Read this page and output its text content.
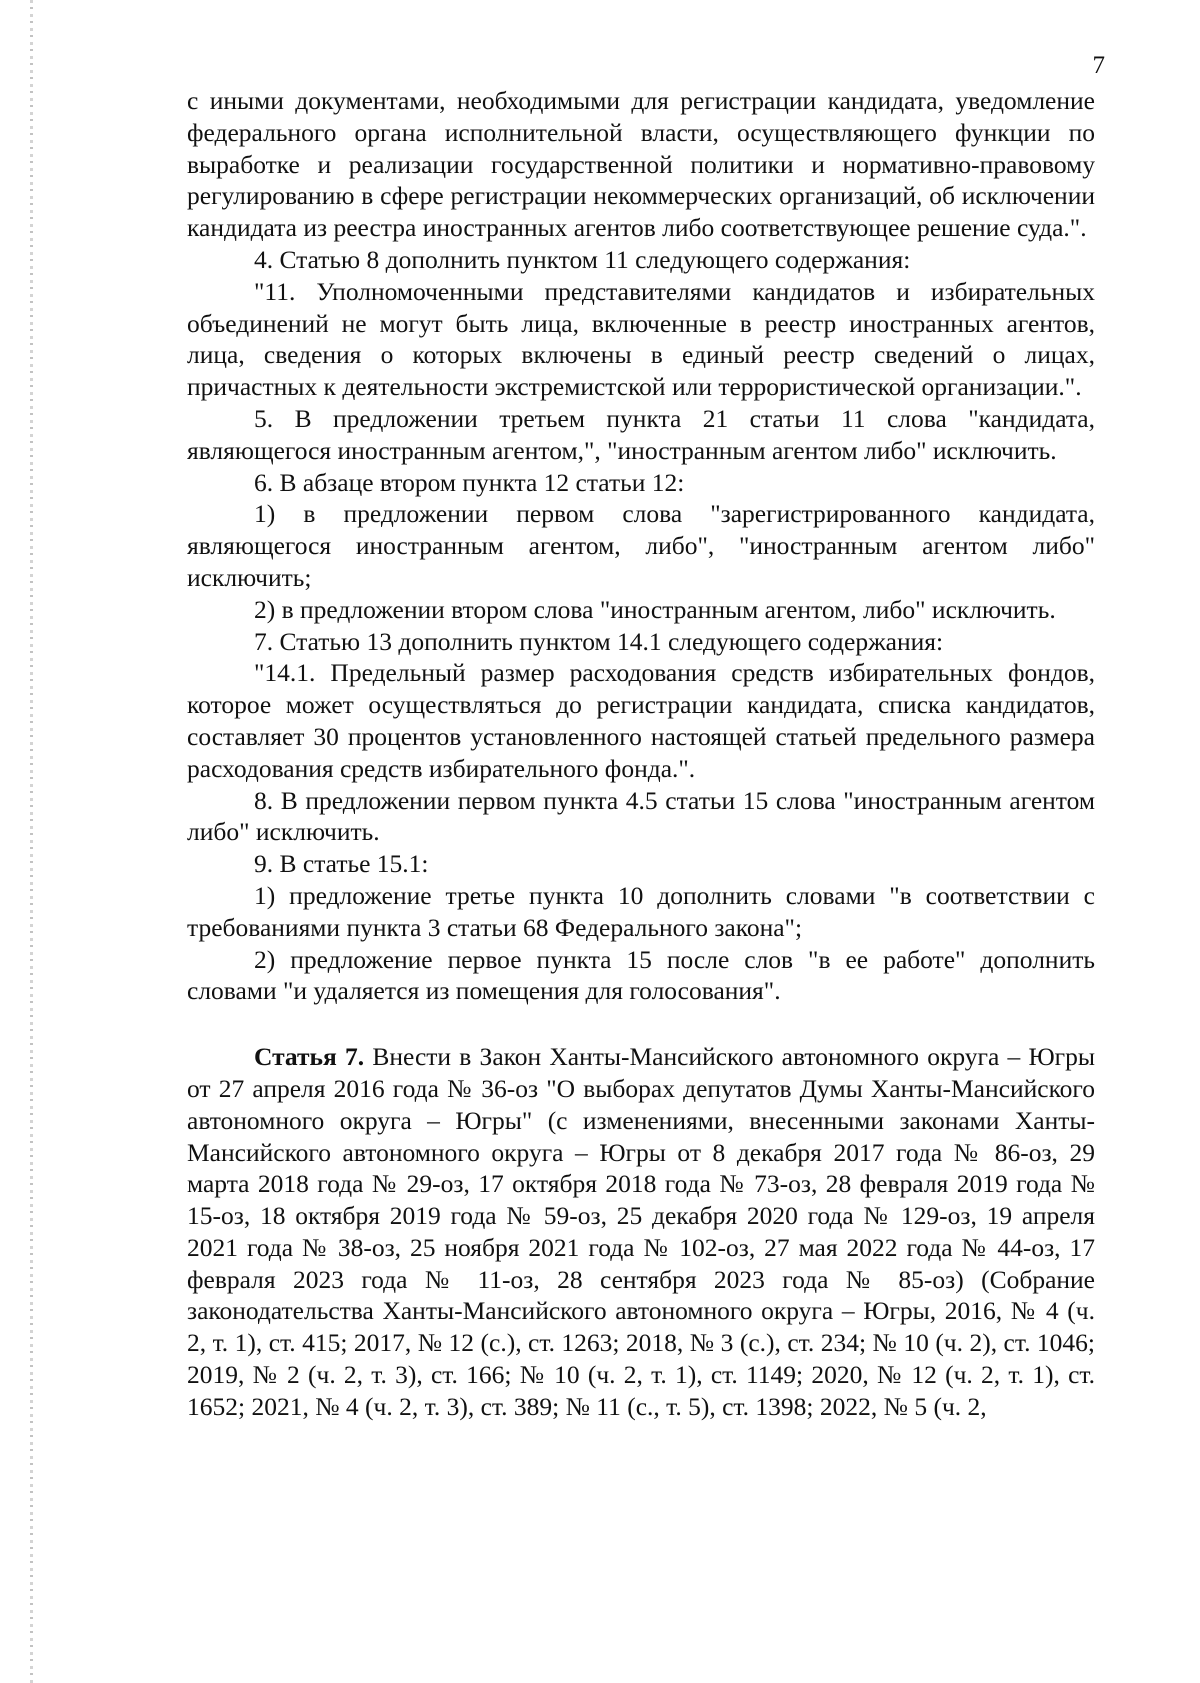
7

с иными документами, необходимыми для регистрации кандидата, уведомление федерального органа исполнительной власти, осуществляющего функции по выработке и реализации государственной политики и нормативно-правовому регулированию в сфере регистрации некоммерческих организаций, об исключении кандидата из реестра иностранных агентов либо соответствующее решение суда.".

4. Статью 8 дополнить пунктом 11 следующего содержания:

"11. Уполномоченными представителями кандидатов и избирательных объединений не могут быть лица, включенные в реестр иностранных агентов, лица, сведения о которых включены в единый реестр сведений о лицах, причастных к деятельности экстремистской или террористической организации.".

5. В предложении третьем пункта 21 статьи 11 слова "кандидата, являющегося иностранным агентом,", "иностранным агентом либо" исключить.

6. В абзаце втором пункта 12 статьи 12:

1) в предложении первом слова "зарегистрированного кандидата, являющегося иностранным агентом, либо", "иностранным агентом либо" исключить;

2) в предложении втором слова "иностранным агентом, либо" исключить.

7. Статью 13 дополнить пунктом 14.1 следующего содержания:

"14.1. Предельный размер расходования средств избирательных фондов, которое может осуществляться до регистрации кандидата, списка кандидатов, составляет 30 процентов установленного настоящей статьей предельного размера расходования средств избирательного фонда.".

8. В предложении первом пункта 4.5 статьи 15 слова "иностранным агентом либо" исключить.

9. В статье 15.1:

1) предложение третье пункта 10 дополнить словами "в соответствии с требованиями пункта 3 статьи 68 Федерального закона";

2) предложение первое пункта 15 после слов "в ее работе" дополнить словами "и удаляется из помещения для голосования".

Статья 7. Внести в Закон Ханты-Мансийского автономного округа – Югры от 27 апреля 2016 года № 36-оз "О выборах депутатов Думы Ханты-Мансийского автономного округа – Югры" (с изменениями, внесенными законами Ханты-Мансийского автономного округа – Югры от 8 декабря 2017 года № 86-оз, 29 марта 2018 года № 29-оз, 17 октября 2018 года № 73-оз, 28 февраля 2019 года № 15-оз, 18 октября 2019 года № 59-оз, 25 декабря 2020 года № 129-оз, 19 апреля 2021 года № 38-оз, 25 ноября 2021 года № 102-оз, 27 мая 2022 года № 44-оз, 17 февраля 2023 года № 11-оз, 28 сентября 2023 года № 85-оз) (Собрание законодательства Ханты-Мансийского автономного округа – Югры, 2016, № 4 (ч. 2, т. 1), ст. 415; 2017, № 12 (с.), ст. 1263; 2018, № 3 (с.), ст. 234; № 10 (ч. 2), ст. 1046; 2019, № 2 (ч. 2, т. 3), ст. 166; № 10 (ч. 2, т. 1), ст. 1149; 2020, № 12 (ч. 2, т. 1), ст. 1652; 2021, № 4 (ч. 2, т. 3), ст. 389; № 11 (с., т. 5), ст. 1398; 2022, № 5 (ч. 2,
